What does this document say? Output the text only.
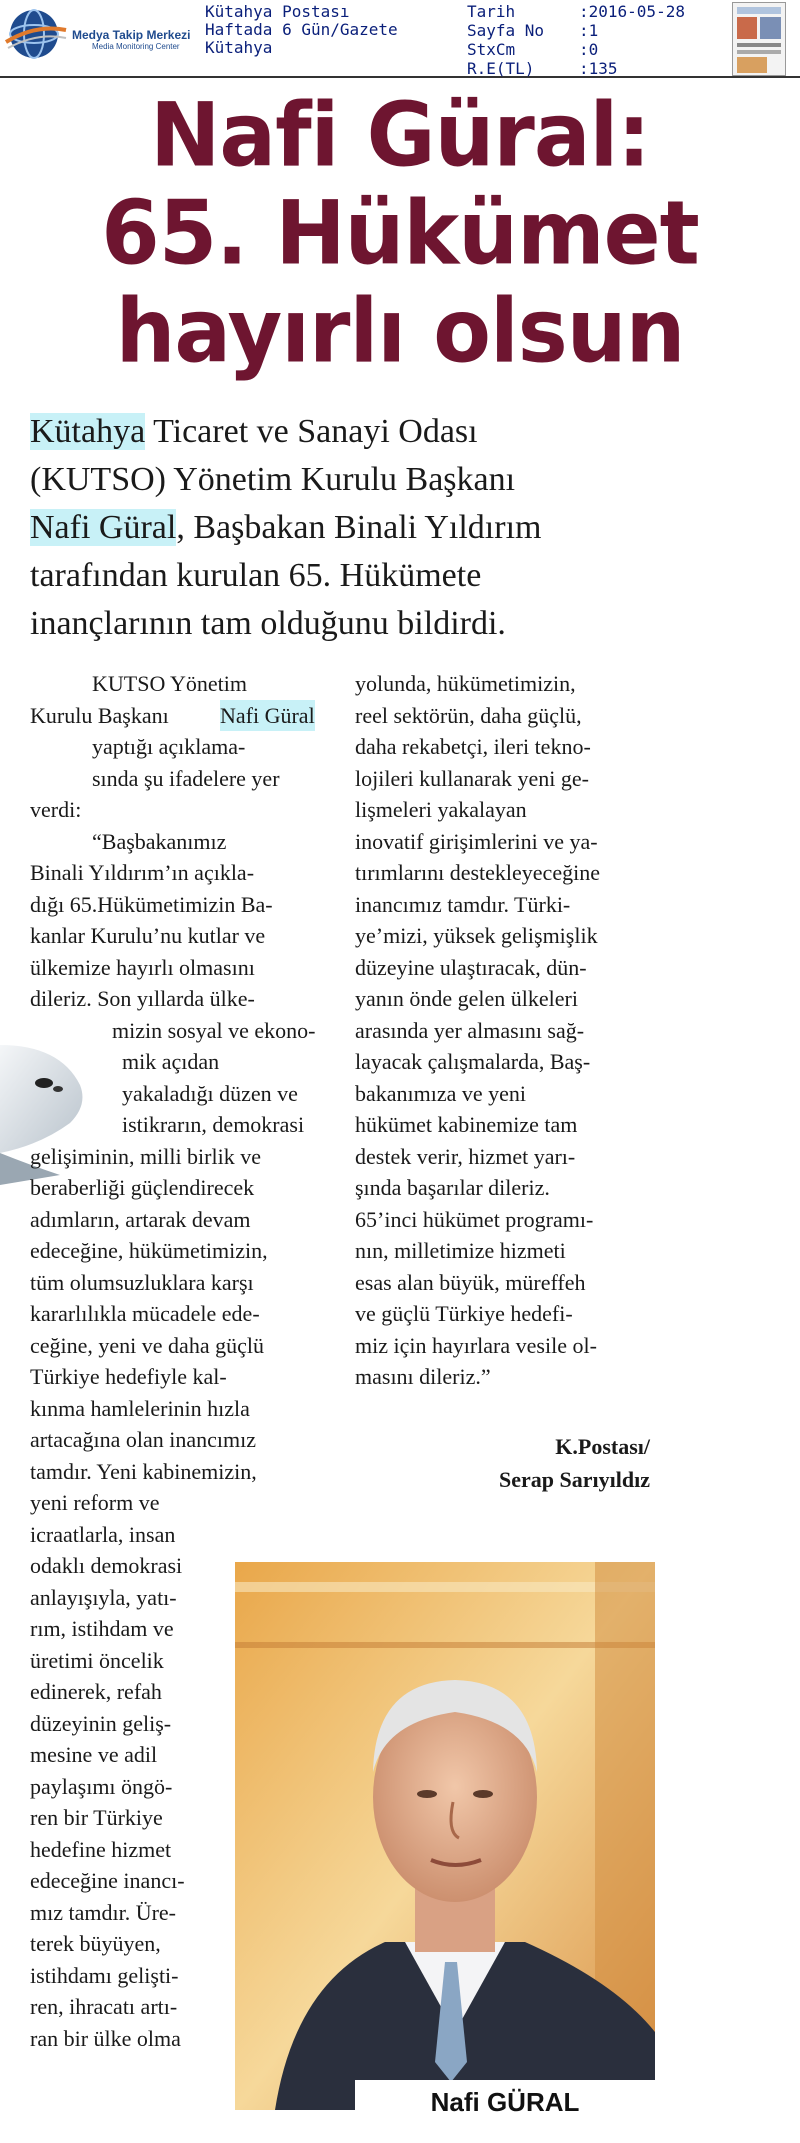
Medya Takip Merkezi
Media Monitoring Center
Kütahya Postası
Haftada 6 Gün/Gazete
Kütahya
Tarih	:2016-05-28
Sayfa No	:1
StxCm	:0
R.E(TL)	:135
Nafi Güral:
65. Hükümet
hayırlı olsun
Kütahya Ticaret ve Sanayi Odası
(KUTSO) Yönetim Kurulu Başkanı
Nafi Güral, Başbakan Binali Yıldırım
tarafından kurulan 65. Hükümete
inançlarının tam olduğunu bildirdi.
KUTSO Yönetim
Kurulu Başkanı	Nafi Güral
yaptığı açıklama-
sında şu ifadelere yer
verdi:
“Başbakanımız
Binali Yıldırım’ın açıkla-
dığı 65.Hükümetimizin Ba-
kanlar Kurulu’nu kutlar ve
ülkemize hayırlı olmasını
dileriz. Son yıllarda ülke-
mizin sosyal ve ekono-
mik açıdan
yakaladığı düzen ve
istikrarın, demokrasi
gelişiminin, milli birlik ve
beraberliği güçlendirecek
adımların, artarak devam
edeceğine, hükümetimizin,
tüm olumsuzluklara karşı
kararlılıkla mücadele ede-
ceğine, yeni ve daha güçlü
Türkiye hedefiyle kal-
kınma hamlelerinin hızla
artacağına olan inancımız
tamdır. Yeni kabinemizin,
yeni reform ve
icraatlarla, insan
odaklı demokrasi
anlayışıyla, yatı-
rım, istihdam ve
üretimi öncelik
edinerek, refah
düzeyinin geliş-
mesine ve adil
paylaşımı öngö-
ren bir Türkiye
hedefine hizmet
edeceğine inancı-
mız tamdır. Üre-
terek büyüyen,
istihdamı gelişti-
ren, ihracatı artı-
ran bir ülke olma
yolunda, hükümetimizin,
reel sektörün, daha güçlü,
daha rekabetçi, ileri tekno-
lojileri kullanarak yeni ge-
lişmeleri yakalayan
inovatif girişimlerini ve ya-
tırımlarını destekleyeceğine
inancımız tamdır. Türki-
ye’mizi, yüksek gelişmişlik
düzeyine ulaştıracak, dün-
yanın önde gelen ülkeleri
arasında yer almasını sağ-
layacak çalışmalarda, Baş-
bakanımıza ve yeni
hükümet kabinemize tam
destek verir, hizmet yarı-
şında başarılar dileriz.
65’inci hükümet programı-
nın, milletimize hizmeti
esas alan büyük, müreffeh
ve güçlü Türkiye hedefi-
miz için hayırlara vesile ol-
masını dileriz.”
K.Postası/
Serap Sarıyıldız
Nafi GÜRAL
